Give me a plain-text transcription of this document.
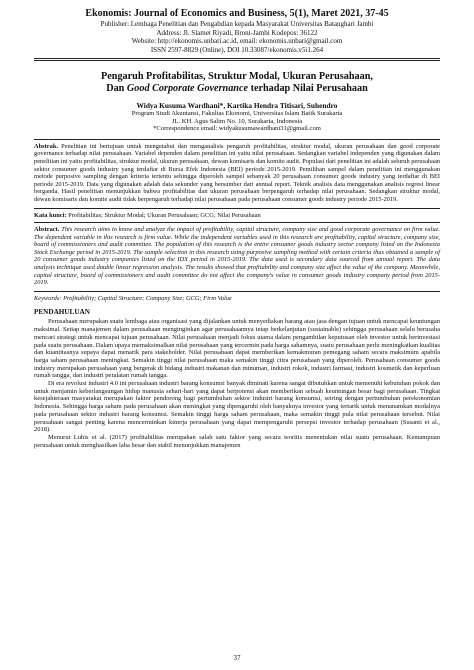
Ekonomis: Journal of Economics and Business, 5(1), Maret 2021, 37-45

Publisher: Lembaga Penelitian dan Pengabdian kepada Masyarakat Universitas Batanghari Jambi

Address: Jl. Slamet Riyadi, Broni-Jambi Kodepos: 36122

Website: http://ekonomis.unbari.ac.id, email: ekonomis.unbari@gmail.com

ISSN 2597-8829 (Online), DOI 10.33087/ekonomis.v5i1.264

Pengaruh Profitabilitas, Struktur Modal, Ukuran Perusahaan,
Dan Good Corporate Governance terhadap Nilai Perusahaan

Widya Kusuma Wardhani*, Kartika Hendra Titisari, Suhendro

Program Studi Akuntansi, Fakultas Ekonomi, Universitas Islam Batik Surakarta

JL. KH. Agus Salim No. 10, Surakarta, Indonesia

*Correspondence email: widyakusumawardhani31@gmail.com

Abstrak. Penelitian ini bertujuan untuk mengetahui dan menganalisis pengaruh profitabilitas, struktur modal, ukuran perusahaan dan good corporate governance terhadap nilai perusahaan. Variabel dependen dalam penelitian ini yaitu nilai perusahaan. Sedangkan variabel independen yang digunakan dalam penelitian ini yaitu profitabilitas, struktur modal, ukuran perusahaan, dewan komisaris dan komite audit. Populasi dari penelitian ini adalah seluruh perusahaan sektor consumer goods industry yang terdaftar di Bursa Efek Indonesia (BEI) periode 2015-2019. Pemilihan sampel dalam penelitian ini menggunakan metode purposive sampling dengan kriteria tertentu sehingga diperoleh sampel sebanyak 20 perusahaan consumer goods industry yang terdaftar di BEI periode 2015-2019. Data yang digunakan adalah data sekunder yang bersumber dari annual report. Teknik analisis data menggunakan analisis regresi linear berganda. Hasil penelitian menunjukkan bahwa profitabilitas dan ukuran perusahaan berpengaruh terhadap nilai perusahaan. Sedangkan struktur modal, dewan komisaris dan komite audit tidak berpengaruh terhadap nilai perusahaan pada perusahaan consumer goods industry periode 2015-2019.

Kata kunci: Profitabilitas; Struktur Modal; Ukuran Perusahaan; GCG; Nilai Perusahaan

Abstract. This research aims to know and analyze the impact of profitability, capital structure, company size and good corporate governance on firm value. The dependent variable in this research is firm value. While the independent variables used in this research are profitability, capital structure, company size, board of commissioners and audit committee. The population of this research is the entire consumer goods industry sector company listed on the Indonesia Stock Exchange period in 2015-2019. The sample selection in this research using purposive sampling method with certain criteria thus obtained a sample of 20 consumer goods industry companies listed on the IDX period in 2015-2019. The data used is secondary data sourced from annual report. The data analysis technique used double linear regression analysis. The results showed that profitability and company size affect the value of the company. Meanwhile, capital structure, board of commissioners and audit committee do not affect the company's value in consumer goods industry company period from 2015-2019.

Keywords: Profitability; Capital Structure; Company Size; GCG; Firm Value

PENDAHULUAN

Perusahaan merupakan suatu lembaga atau organisasi yang dijalankan untuk menyediakan barang atau jasa dengan tujuan untuk mencapai keuntungan maksimal. Setiap manajemen dalam perusahaan menginginkan agar perusahaannya tetap berkelanjutan (sustainable) sehingga perusahaan selalu berusaha mencari strategi untuk mencapai tujuan perusahaan. Nilai perusahaan menjadi fokus utama dalam pengambilan keputusan oleh investor untuk berinvestasi pada suatu perusahaan. Dalam upaya memaksimalkan nilai perusahaan yang tercermin pada harga sahamnya, suatu perusahaan perlu meningkatkan kualitas dan kuantitasnya supaya dapat menarik para stakeholder. Nilai perusahaan dapat memberikan kemakmuran pemegang saham secara maksimum apabila harga saham perusahaan meningkat. Semakin tinggi nilai perusahaan maka semakin tinggi citra perusahaan yang diperoleh. Perusahaan consumer goods industry merupakan perusahaan yang bergerak di bidang industri makanan dan minuman, industri rokok, industri farmasi, industri kosmetik dan keperluan rumah tangga, dan industri peralatan rumah tangga.

Di era revolusi industri 4.0 ini perusahaan industri barang konsumsi banyak diminati karena sangat dibutuhkan untuk memenuhi kebutuhan pokok dan untuk menjamin keberlangsungan hidup manusia sehari-hari yang dapat berpotensi akan memberikan sebuah keuntungan besar bagi perusahaan. Tingkat kesejahteraan masyarakat merupakan faktor pendorong bagi pertumbuhan sektor industri barang konsumsi, seiring dengan pertumbuhan perekonomian Indonesia. Sehingga harga saham pada perusahaan akan meningkat yang dipengaruhi oleh banyaknya investor yang tertarik untuk menanamkan modalnya pada perusahaan sektor industri barang konsumsi. Semakin tinggi harga saham perusahaan, maka semakin tinggi pula nilai perusahaan tersebut. Nilai perusahaan sangat penting karena mencerminkan kinerja perusahaan yang dapat mempengaruhi persepsi investor terhadap perusahaan (Susanti et al., 2018).

Menurut Lubis et al. (2017) profitabilitas merupakan salah satu faktor yang secara teoritis menentukan nilai suatu perusahaan. Kemampuan perusahaan untuk menghasilkan laba besar dan stabil menunjukkan manajemen

37
